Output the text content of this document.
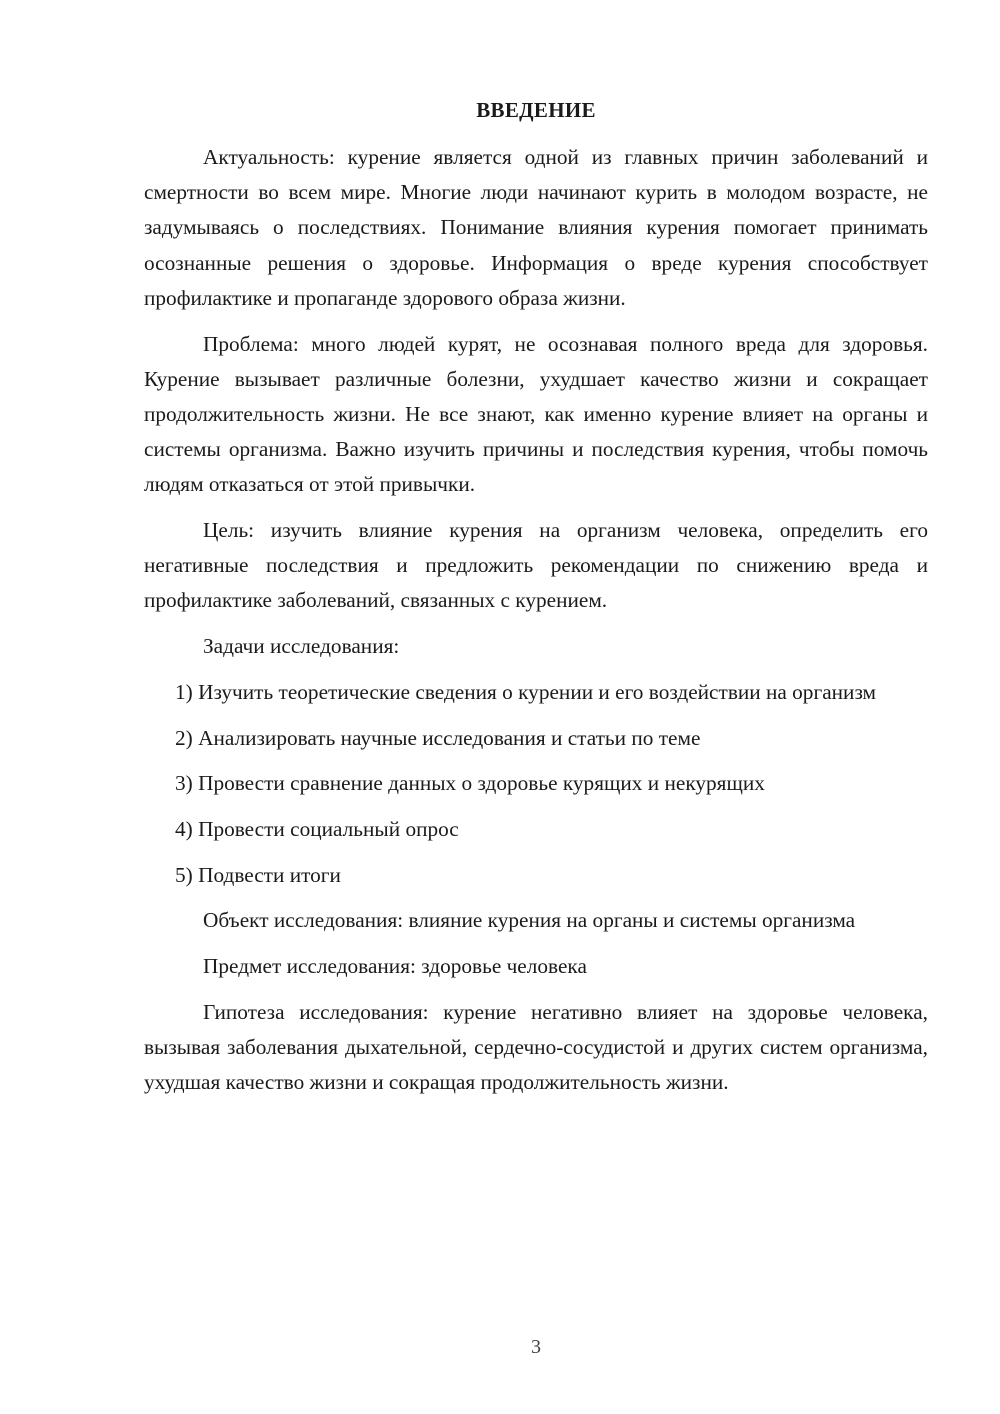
ВВЕДЕНИЕ

Актуальность: курение является одной из главных причин заболеваний и смертности во всем мире. Многие люди начинают курить в молодом возрасте, не задумываясь о последствиях. Понимание влияния курения помогает принимать осознанные решения о здоровье. Информация о вреде курения способствует профилактике и пропаганде здорового образа жизни.

Проблема: много людей курят, не осознавая полного вреда для здоровья. Курение вызывает различные болезни, ухудшает качество жизни и сокращает продолжительность жизни. Не все знают, как именно курение влияет на органы и системы организма. Важно изучить причины и последствия курения, чтобы помочь людям отказаться от этой привычки.

Цель: изучить влияние курения на организм человека, определить его негативные последствия и предложить рекомендации по снижению вреда и профилактике заболеваний, связанных с курением.

Задачи исследования:

1) Изучить теоретические сведения о курении и его воздействии на организм

2) Анализировать научные исследования и статьи по теме

3) Провести сравнение данных о здоровье курящих и некурящих

4) Провести социальный опрос

5) Подвести итоги

Объект исследования: влияние курения на органы и системы организма

Предмет исследования: здоровье человека

Гипотеза исследования: курение негативно влияет на здоровье человека, вызывая заболевания дыхательной, сердечно-сосудистой и других систем организма, ухудшая качество жизни и сокращая продолжительность жизни.

3
